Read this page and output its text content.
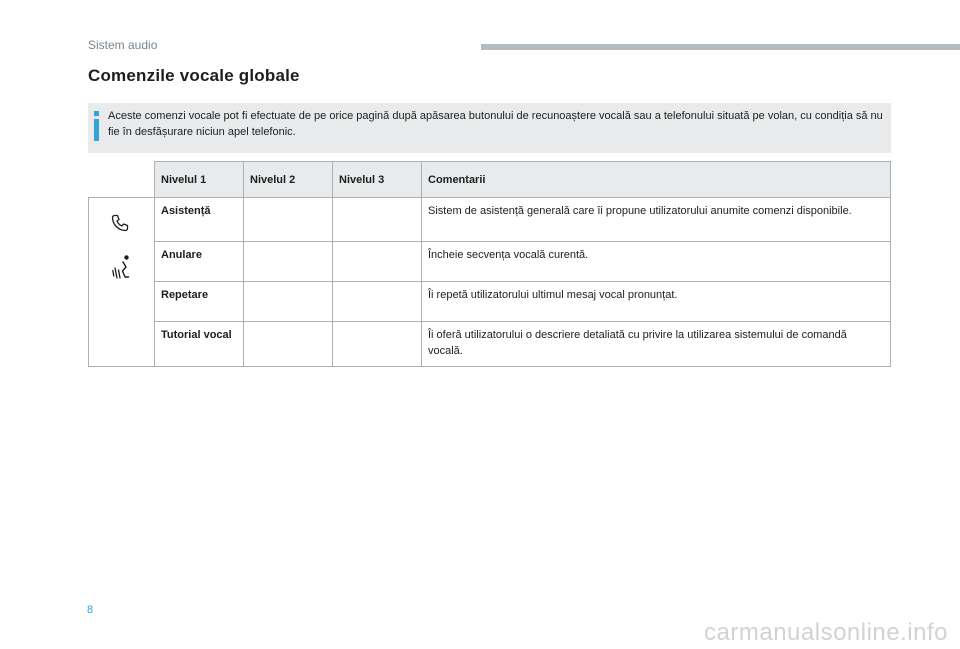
Sistem audio
Comenzile vocale globale
Aceste comenzi vocale pot fi efectuate de pe orice pagină după apăsarea butonului de recunoaștere vocală sau a telefonului situată pe volan, cu condiția să nu fie în desfășurare niciun apel telefonic.
	Nivelul 1	Nivelul 2	Nivelul 3	Comentarii

	Asistență			Sistem de asistență generală care îi propune utilizatorului anumite comenzi disponibile.
	Anulare			Încheie secvența vocală curentă.
	Repetare			Îi repetă utilizatorului ultimul mesaj vocal pronunțat.
	Tutorial vocal			Îi oferă utilizatorului o descriere detaliată cu privire la utilizarea sistemului de comandă vocală.
8
carmanualsonline.info
